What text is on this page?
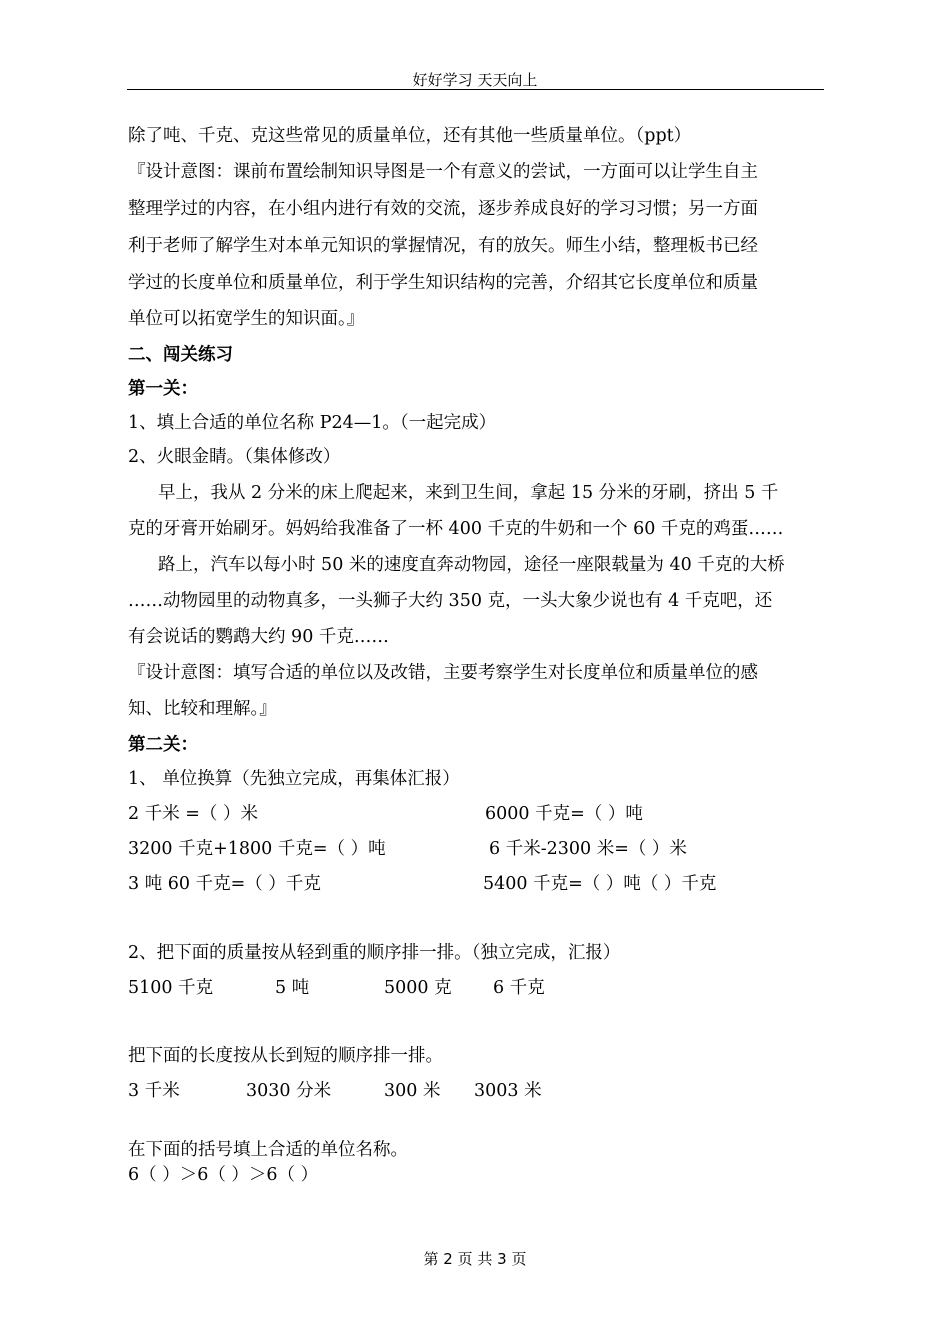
好好学习 天天向上
除了吨、千克、克这些常见的质量单位，还有其他一些质量单位。（ppt）
『设计意图：课前布置绘制知识导图是一个有意义的尝试，一方面可以让学生自主
整理学过的内容，在小组内进行有效的交流，逐步养成良好的学习习惯；另一方面
利于老师了解学生对本单元知识的掌握情况，有的放矢。师生小结，整理板书已经
学过的长度单位和质量单位，利于学生知识结构的完善，介绍其它长度单位和质量
单位可以拓宽学生的知识面。』
二、闯关练习
第一关：
1、填上合适的单位名称 P24—1。（一起完成）
2、火眼金睛。（集体修改）
早上，我从 2 分米的床上爬起来，来到卫生间，拿起 15 分米的牙刷，挤出 5 千
克的牙膏开始刷牙。妈妈给我准备了一杯 400 千克的牛奶和一个 60 千克的鸡蛋……
路上，汽车以每小时 50 米的速度直奔动物园，途径一座限载量为 40 千克的大桥
……动物园里的动物真多，一头狮子大约 350 克，一头大象少说也有 4 千克吧，还
有会说话的鹦鹉大约 90 千克……
『设计意图：填写合适的单位以及改错，主要考察学生对长度单位和质量单位的感
知、比较和理解。』
第二关：
1、 单位换算（先独立完成，再集体汇报）
2 千米 =（ ）米	6000 千克=（ ）吨
3200 千克+1800 千克=（ ）吨	6 千米-2300 米=（ ）米
3 吨 60 千克=（ ）千克	5400 千克=（ ）吨（ ）千克
2、把下面的质量按从轻到重的顺序排一排。（独立完成，汇报）
5100 千克	5 吨	5000 克 6 千克
把下面的长度按从长到短的顺序排一排。
3 千米	3030 分米	300 米 3003 米
在下面的括号填上合适的单位名称。
6（ ）＞6（ ）＞6（ ）
第 2 页 共 3 页
